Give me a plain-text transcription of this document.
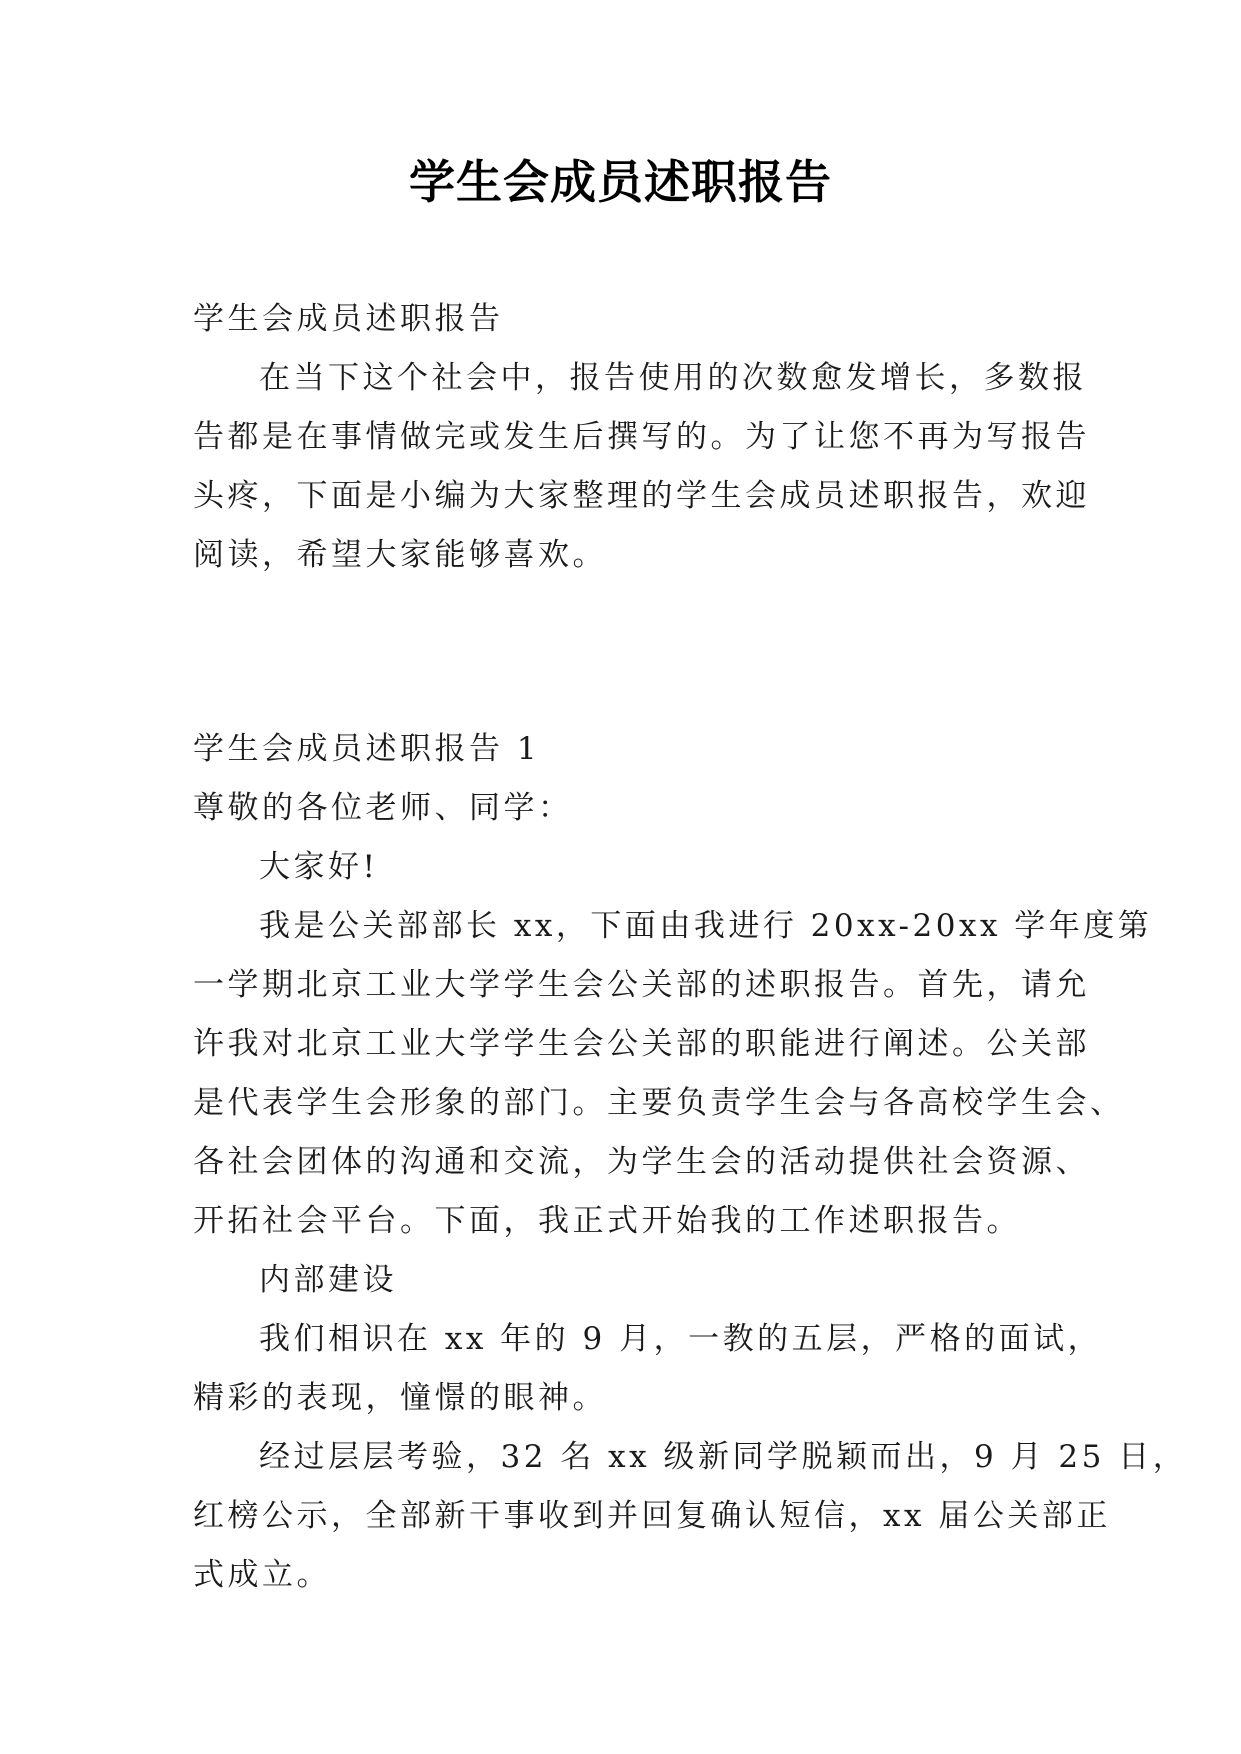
学生会成员述职报告
学生会成员述职报告
在当下这个社会中，报告使用的次数愈发增长，多数报
告都是在事情做完或发生后撰写的。为了让您不再为写报告
头疼，下面是小编为大家整理的学生会成员述职报告，欢迎
阅读，希望大家能够喜欢。
学生会成员述职报告 1
尊敬的各位老师、同学：
大家好!
我是公关部部长 xx，下面由我进行 20xx-20xx 学年度第
一学期北京工业大学学生会公关部的述职报告。首先，请允
许我对北京工业大学学生会公关部的职能进行阐述。公关部
是代表学生会形象的部门。主要负责学生会与各高校学生会、
各社会团体的沟通和交流，为学生会的活动提供社会资源、
开拓社会平台。下面，我正式开始我的工作述职报告。
内部建设
我们相识在 xx 年的 9 月，一教的五层，严格的面试，
精彩的表现，憧憬的眼神。
经过层层考验，32 名 xx 级新同学脱颖而出，9 月 25 日，
红榜公示，全部新干事收到并回复确认短信，xx 届公关部正
式成立。
